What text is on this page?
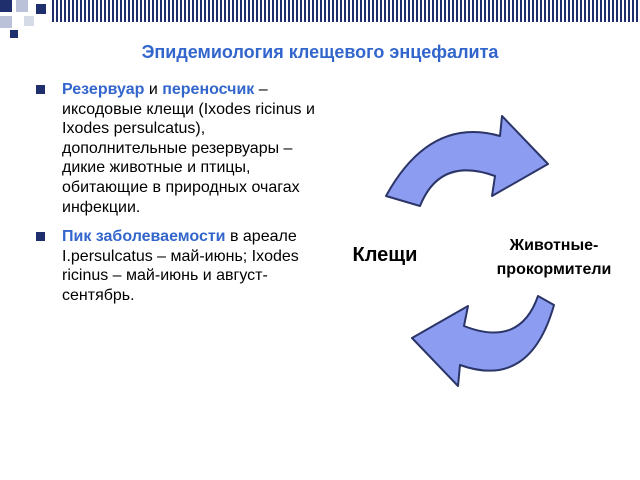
Эпидемиология клещевого энцефалита
Резервуар и переносчик – иксодовые клещи (Ixodes ricinus и Ixodes persulcatus), дополнительные резервуары – дикие животные и птицы, обитающие в природных очагах инфекции.
Пик заболеваемости в ареале I.persulcatus – май-июнь; Ixodes ricinus – май-июнь и август-сентябрь.
Клещи	Животные-
прокормители
